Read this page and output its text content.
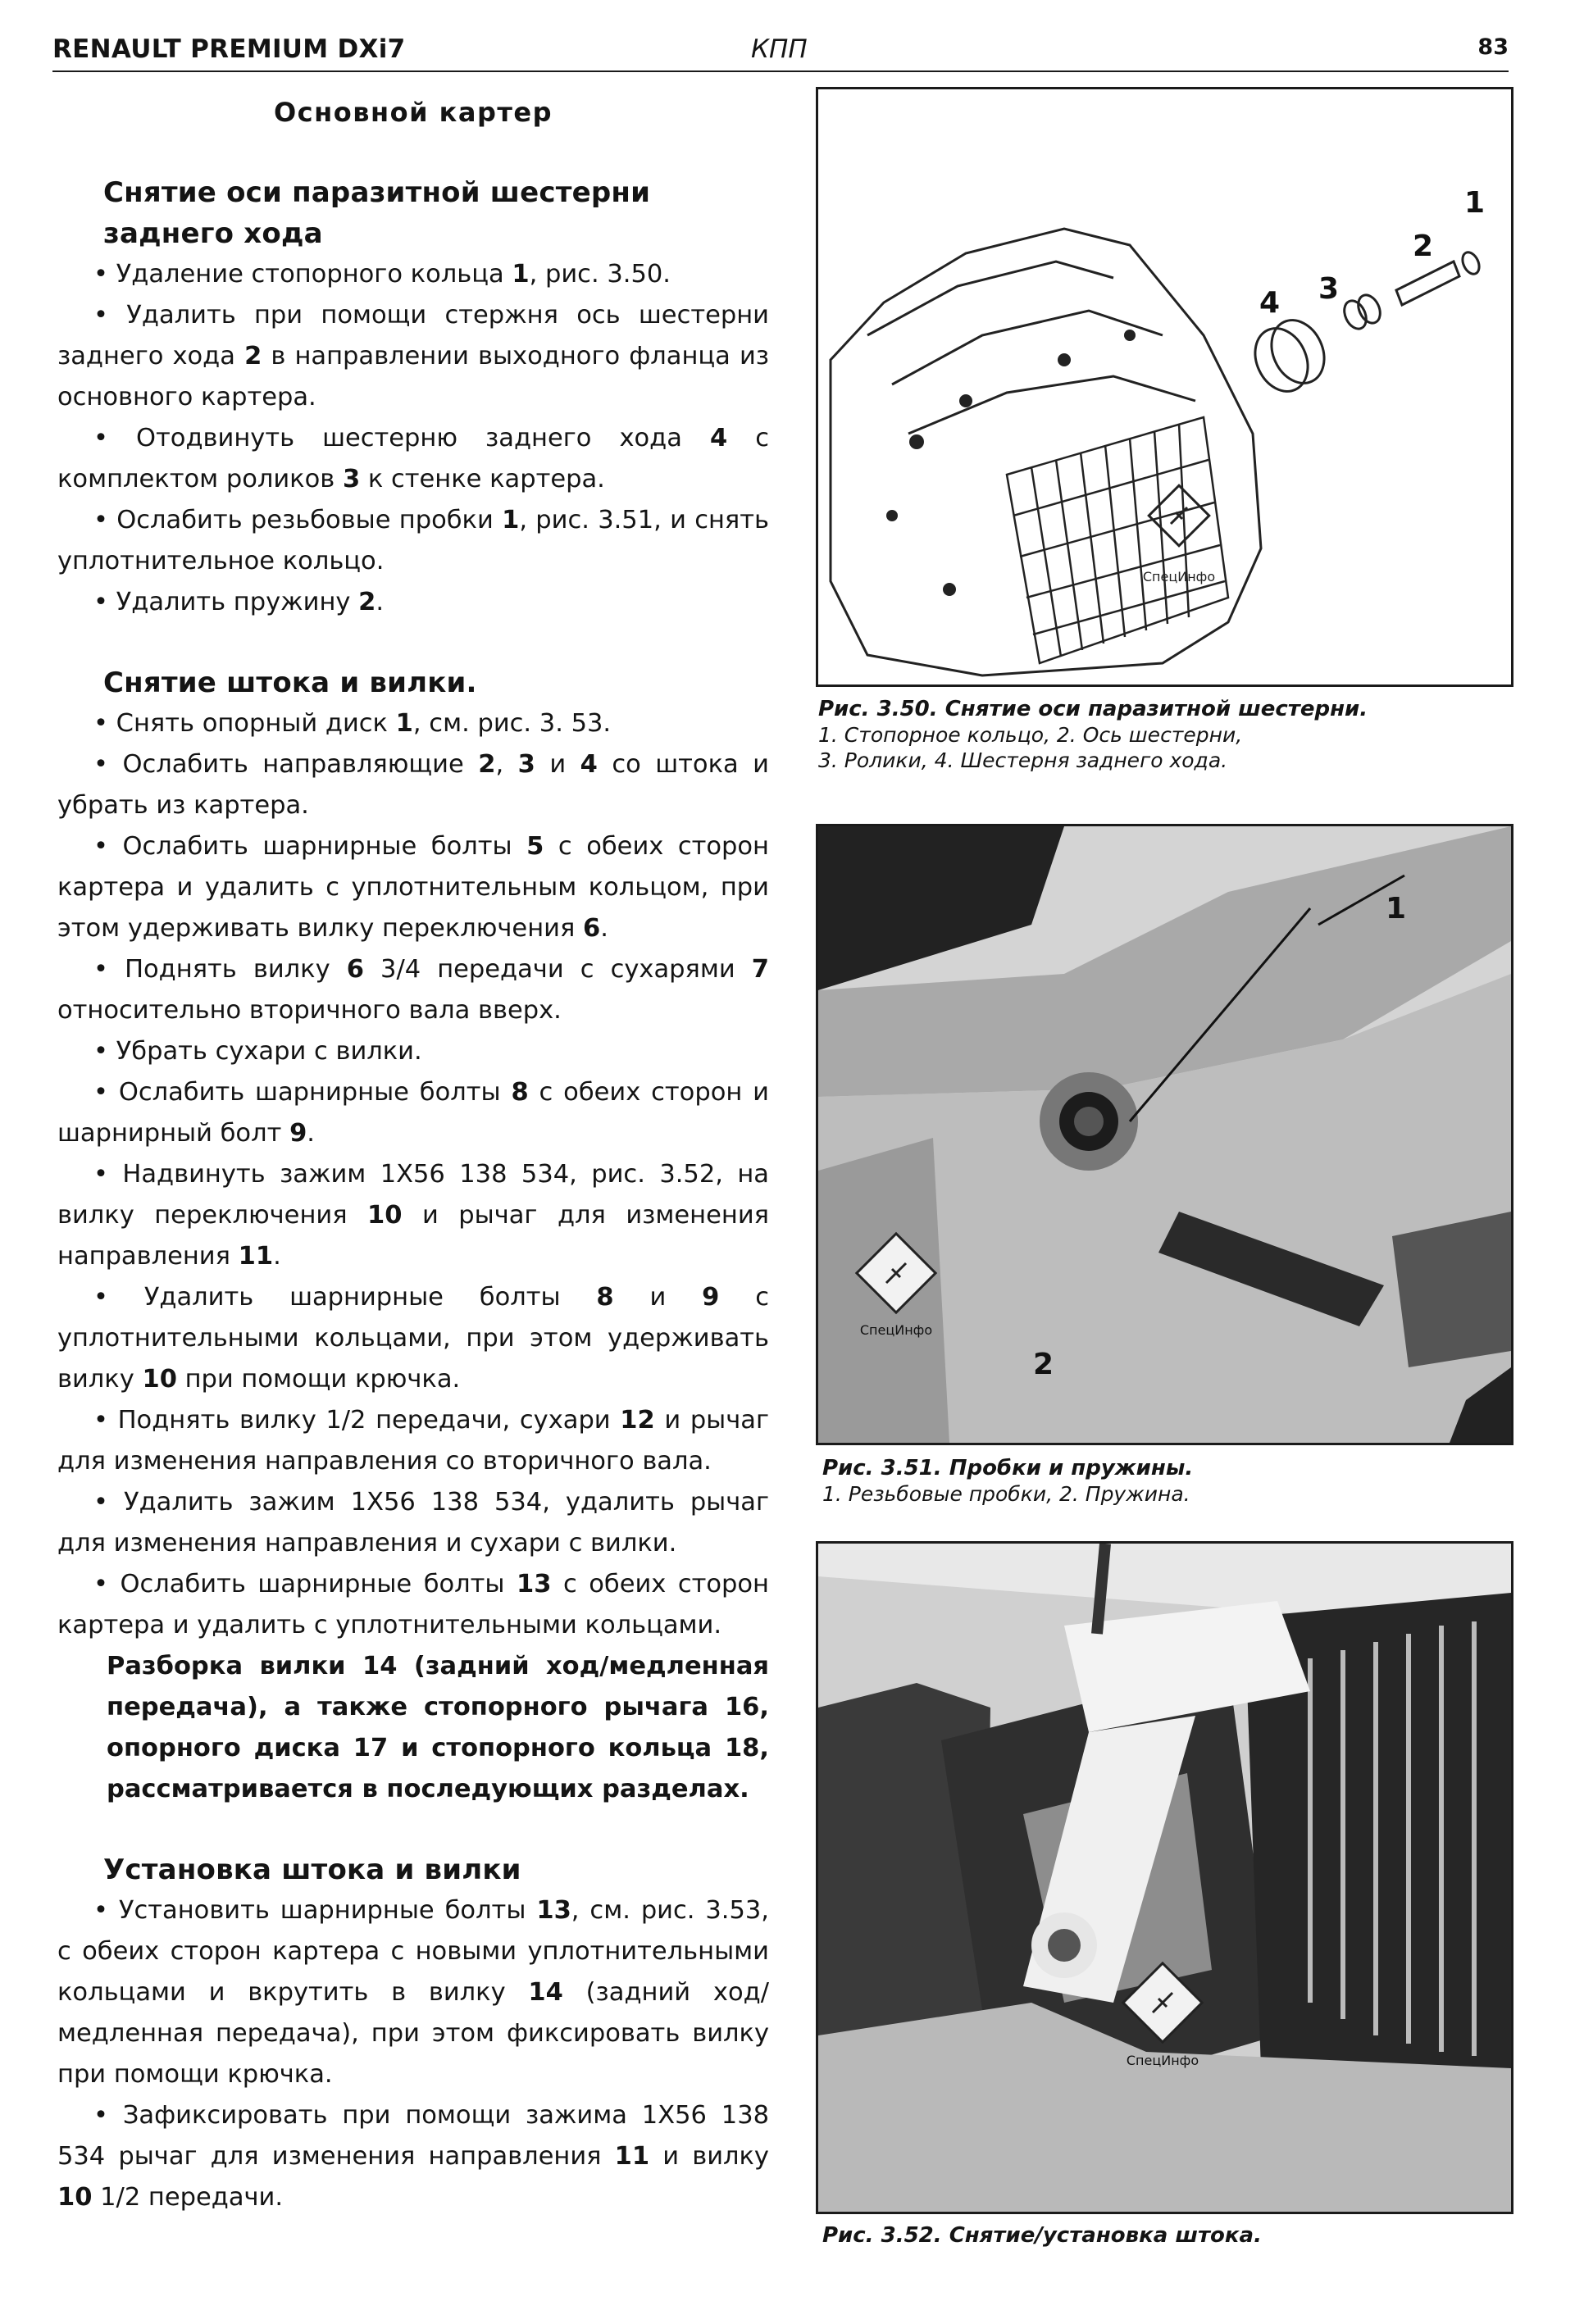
RENAULT PREMIUM DXi7	КПП	83
Основной картер

Снятие оси паразитной шестерни заднего хода

• Удаление стопорного кольца 1, рис. 3.50.

• Удалить при помощи стержня ось шестерни заднего хода 2 в направлении выходного фланца из основного картера.

• Отодвинуть шестерню заднего хода 4 с комплектом роликов 3 к стенке картера.

• Ослабить резьбовые пробки 1, рис. 3.51, и снять уплотнительное кольцо.

• Удалить пружину 2.

Снятие штока и вилки.

• Снять опорный диск 1, см. рис. 3. 53.

• Ослабить направляющие 2, 3 и 4 со штока и убрать из картера.

• Ослабить шарнирные болты 5 с обеих сторон картера и удалить с уплотнительным кольцом, при этом удерживать вилку переключения 6.

• Поднять вилку 6 3/4 передачи с сухарями 7 относительно вторичного вала вверх.

• Убрать сухари с вилки.

• Ослабить шарнирные болты 8 с обеих сторон и шарнирный болт 9.

• Надвинуть зажим 1X56 138 534, рис. 3.52, на вилку переключения 10 и рычаг для изменения направления 11.

• Удалить шарнирные болты 8 и 9 с уплотнительными кольцами, при этом удерживать вилку 10 при помощи крючка.

• Поднять вилку 1/2 передачи, сухари 12 и рычаг для изменения направления со вторичного вала.

• Удалить зажим 1X56 138 534, удалить рычаг для изменения направления и сухари с вилки.

• Ослабить шарнирные болты 13 с обеих сторон картера и удалить с уплотнительными кольцами.

Разборка вилки 14 (задний ход/медленная передача), а также стопорного рычага 16, опорного диска 17 и стопорного кольца 18, рассматривается в последующих разделах.

Установка штока и вилки

• Установить шарнирные болты 13, см. рис. 3.53, с обеих сторон картера с новыми уплотнительными кольцами и вкрутить в вилку 14 (задний ход/медленная передача), при этом фиксировать вилку при помощи крючка.

• Зафиксировать при помощи зажима 1X56 138 534 рычаг для изменения направления 11 и вилку 10 1/2 передачи.

СпецИнфо
1
2
3
4
Рис. 3.50. Снятие оси паразитной шестерни.
1. Стопорное кольцо, 2. Ось шестерни,
3. Ролики, 4. Шестерня заднего хода.
СпецИнфо
1
2
Рис. 3.51. Пробки и пружины.
1. Резьбовые пробки, 2. Пружина.
СпецИнфо
Рис. 3.52. Снятие/установка штока.
